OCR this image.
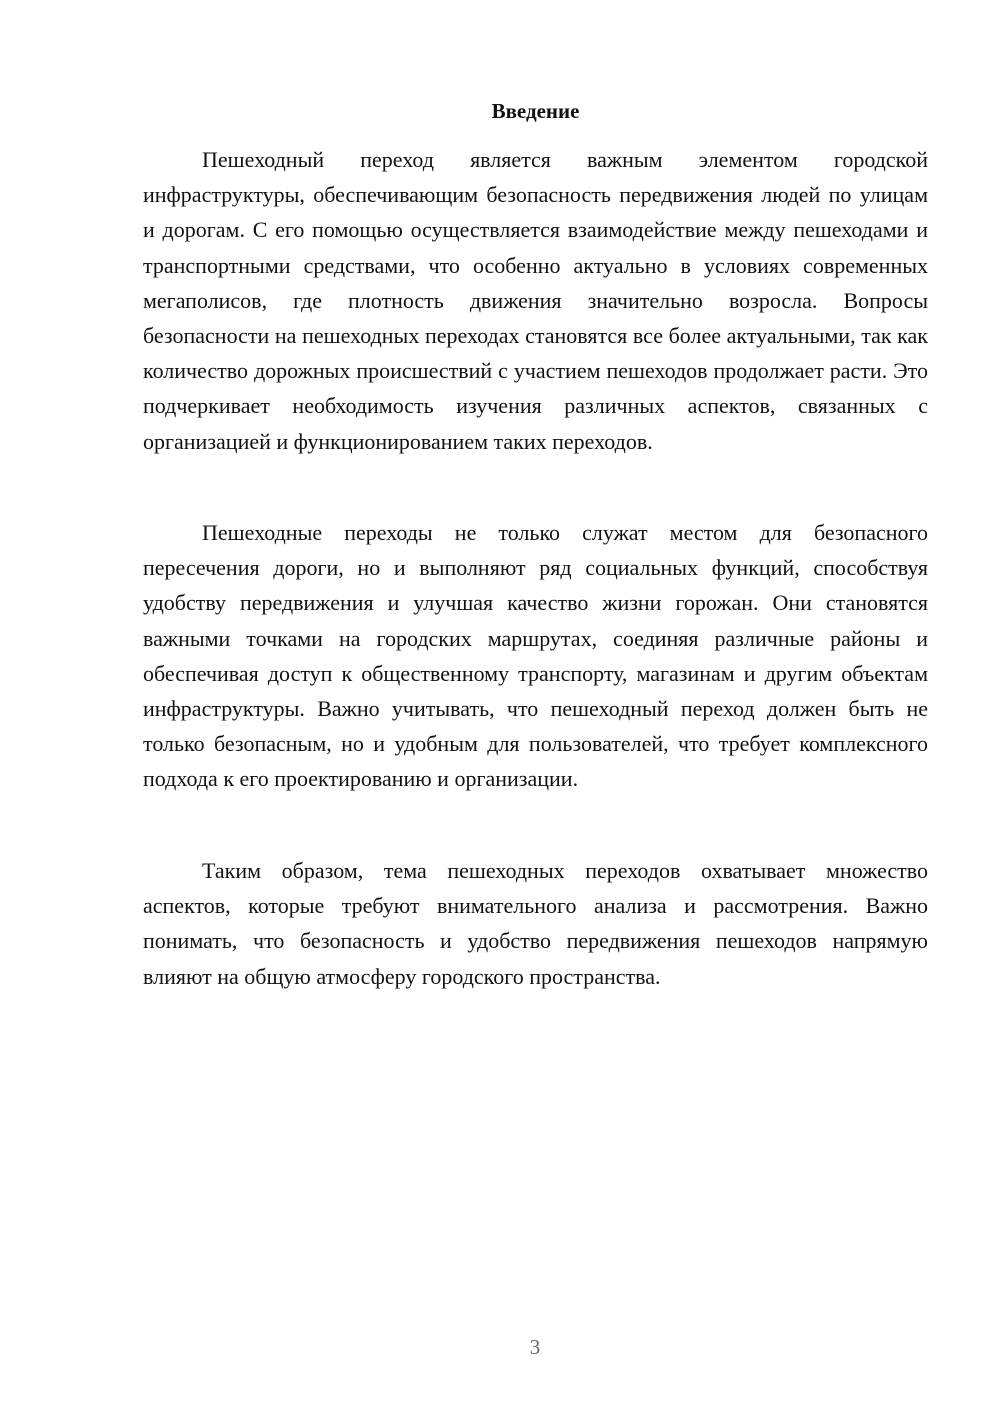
Введение

Пешеходный переход является важным элементом городской инфраструктуры, обеспечивающим безопасность передвижения людей по улицам и дорогам. С его помощью осуществляется взаимодействие между пешеходами и транспортными средствами, что особенно актуально в условиях современных мегаполисов, где плотность движения значительно возросла. Вопросы безопасности на пешеходных переходах становятся все более актуальными, так как количество дорожных происшествий с участием пешеходов продолжает расти. Это подчеркивает необходимость изучения различных аспектов, связанных с организацией и функционированием таких переходов.

Пешеходные переходы не только служат местом для безопасного пересечения дороги, но и выполняют ряд социальных функций, способствуя удобству передвижения и улучшая качество жизни горожан. Они становятся важными точками на городских маршрутах, соединяя различные районы и обеспечивая доступ к общественному транспорту, магазинам и другим объектам инфраструктуры. Важно учитывать, что пешеходный переход должен быть не только безопасным, но и удобным для пользователей, что требует комплексного подхода к его проектированию и организации.

Таким образом, тема пешеходных переходов охватывает множество аспектов, которые требуют внимательного анализа и рассмотрения. Важно понимать, что безопасность и удобство передвижения пешеходов напрямую влияют на общую атмосферу городского пространства.

3
